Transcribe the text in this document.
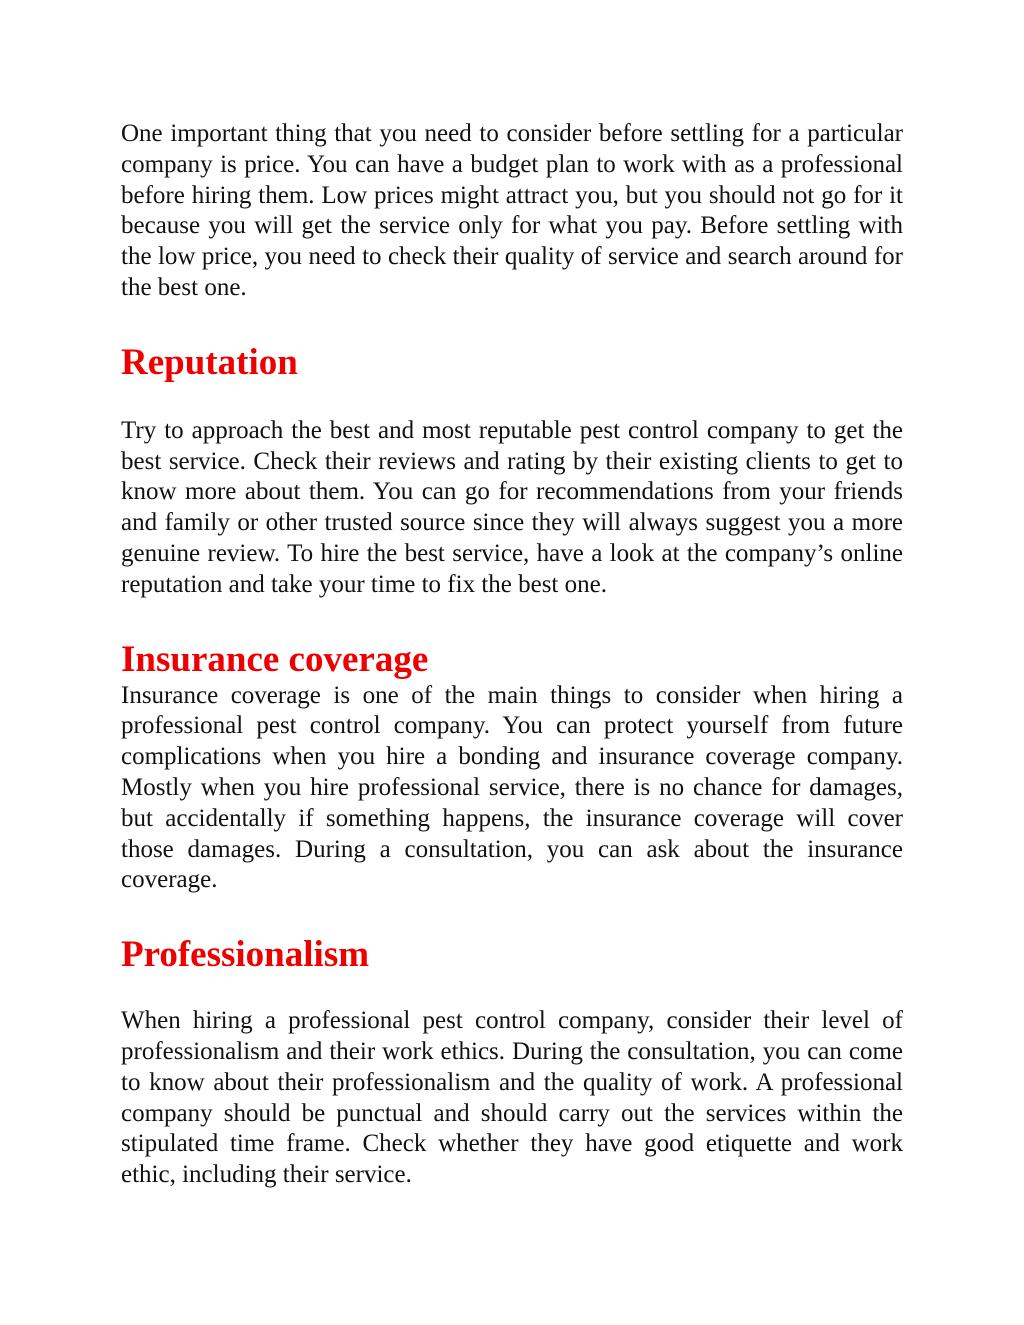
One important thing that you need to consider before settling for a particular company is price. You can have a budget plan to work with as a professional before hiring them. Low prices might attract you, but you should not go for it because you will get the service only for what you pay. Before settling with the low price, you need to check their quality of service and search around for the best one.

Reputation

Try to approach the best and most reputable pest control company to get the best service. Check their reviews and rating by their existing clients to get to know more about them. You can go for recommendations from your friends and family or other trusted source since they will always suggest you a more genuine review. To hire the best service, have a look at the company’s online reputation and take your time to fix the best one.

Insurance coverage

Insurance coverage is one of the main things to consider when hiring a professional pest control company. You can protect yourself from future complications when you hire a bonding and insurance coverage company. Mostly when you hire professional service, there is no chance for damages, but accidentally if something happens, the insurance coverage will cover those damages. During a consultation, you can ask about the insurance coverage.

Professionalism

When hiring a professional pest control company, consider their level of professionalism and their work ethics. During the consultation, you can come to know about their professionalism and the quality of work. A professional company should be punctual and should carry out the services within the stipulated time frame. Check whether they have good etiquette and work ethic, including their service.
